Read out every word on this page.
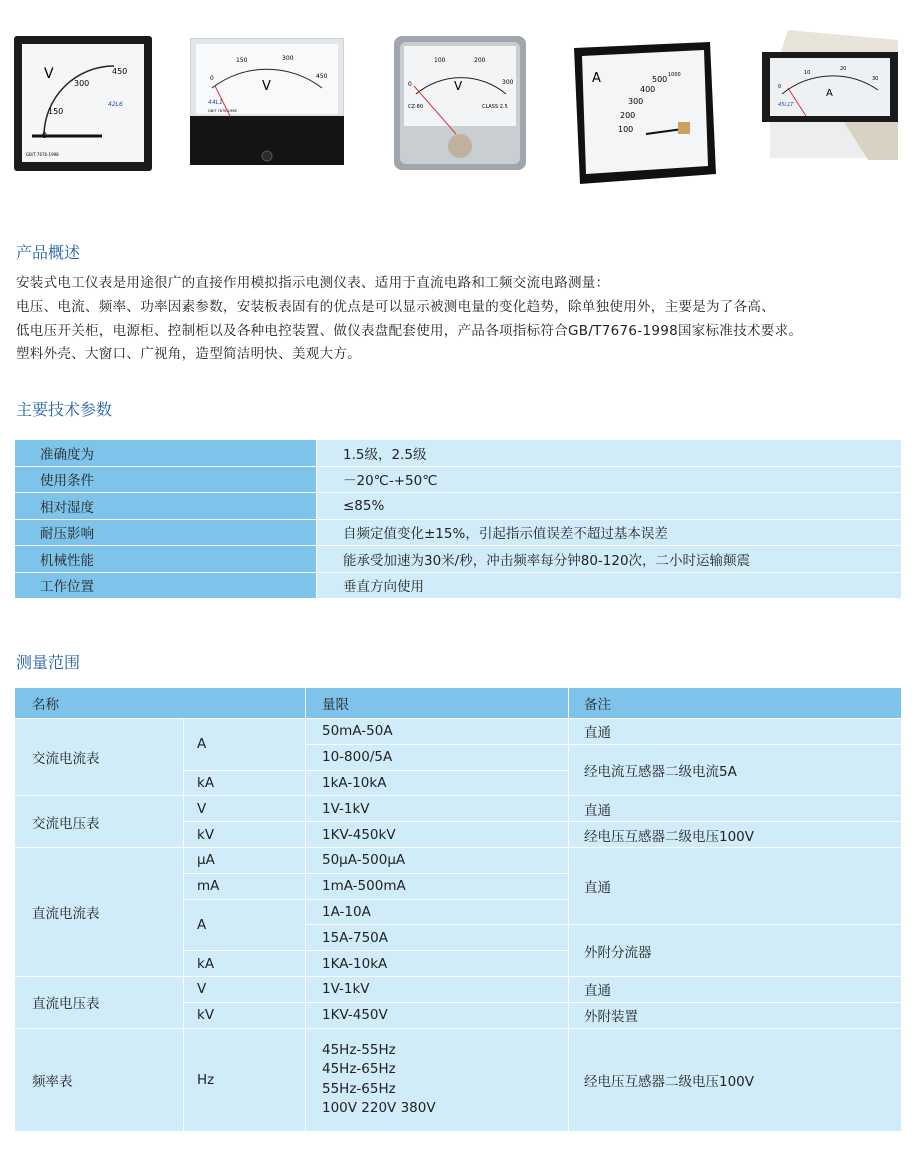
V
0
150
300
450
42L6
GB/T 7676-1998
0
150	300
450
V
44L1
GB/T 7676-1998
0
100	200
300
V
CZ-80	CLASS 2.5
A
100
200
300
400
500 1000
0
10
20
30
A
45L1T
产品概述

安装式电工仪表是用途很广的直接作用模拟指示电测仪表、适用于直流电路和工频交流电路测量：

电压、电流、频率、功率因素参数，安装板表固有的优点是可以显示被测电量的变化趋势，除单独使用外，主要是为了各高、

低电压开关柜，电源柜、控制柜以及各种电控装置、做仪表盘配套使用，产品各项指标符合GB/T7676-1998国家标准技术要求。

塑料外壳、大窗口、广视角，造型简洁明快、美观大方。

主要技术参数
准确度为	1.5级，2.5级
使用条件	－20℃-+50℃
相对湿度	≤85%
耐压影响	自频定值变化±15%，引起指示值误差不超过基本误差
机械性能	能承受加速为30米/秒，冲击频率每分钟80-120次，二小时运输颠震
工作位置	垂直方向使用
测量范围
名称		量限	备注
交流电流表	A	50mA-50A	直通
		10-800/5A	经电流互感器二级电流5A
	kA	1kA-10kA	
交流电压表	V	1V-1kV	直通
	kV	1KV-450kV	经电压互感器二级电压100V
直流电流表	μA	50μA-500μA	直通
	mA	1mA-500mA	
	A	1A-10A	
		15A-750A	外附分流器
	kA	1KA-10kA	
直流电压表	V	1V-1kV	直通
	kV	1KV-450V	外附装置
频率表	Hz	45Hz-55Hz
45Hz-65Hz
55Hz-65Hz
100V 220V 380V	经电压互感器二级电压100V
